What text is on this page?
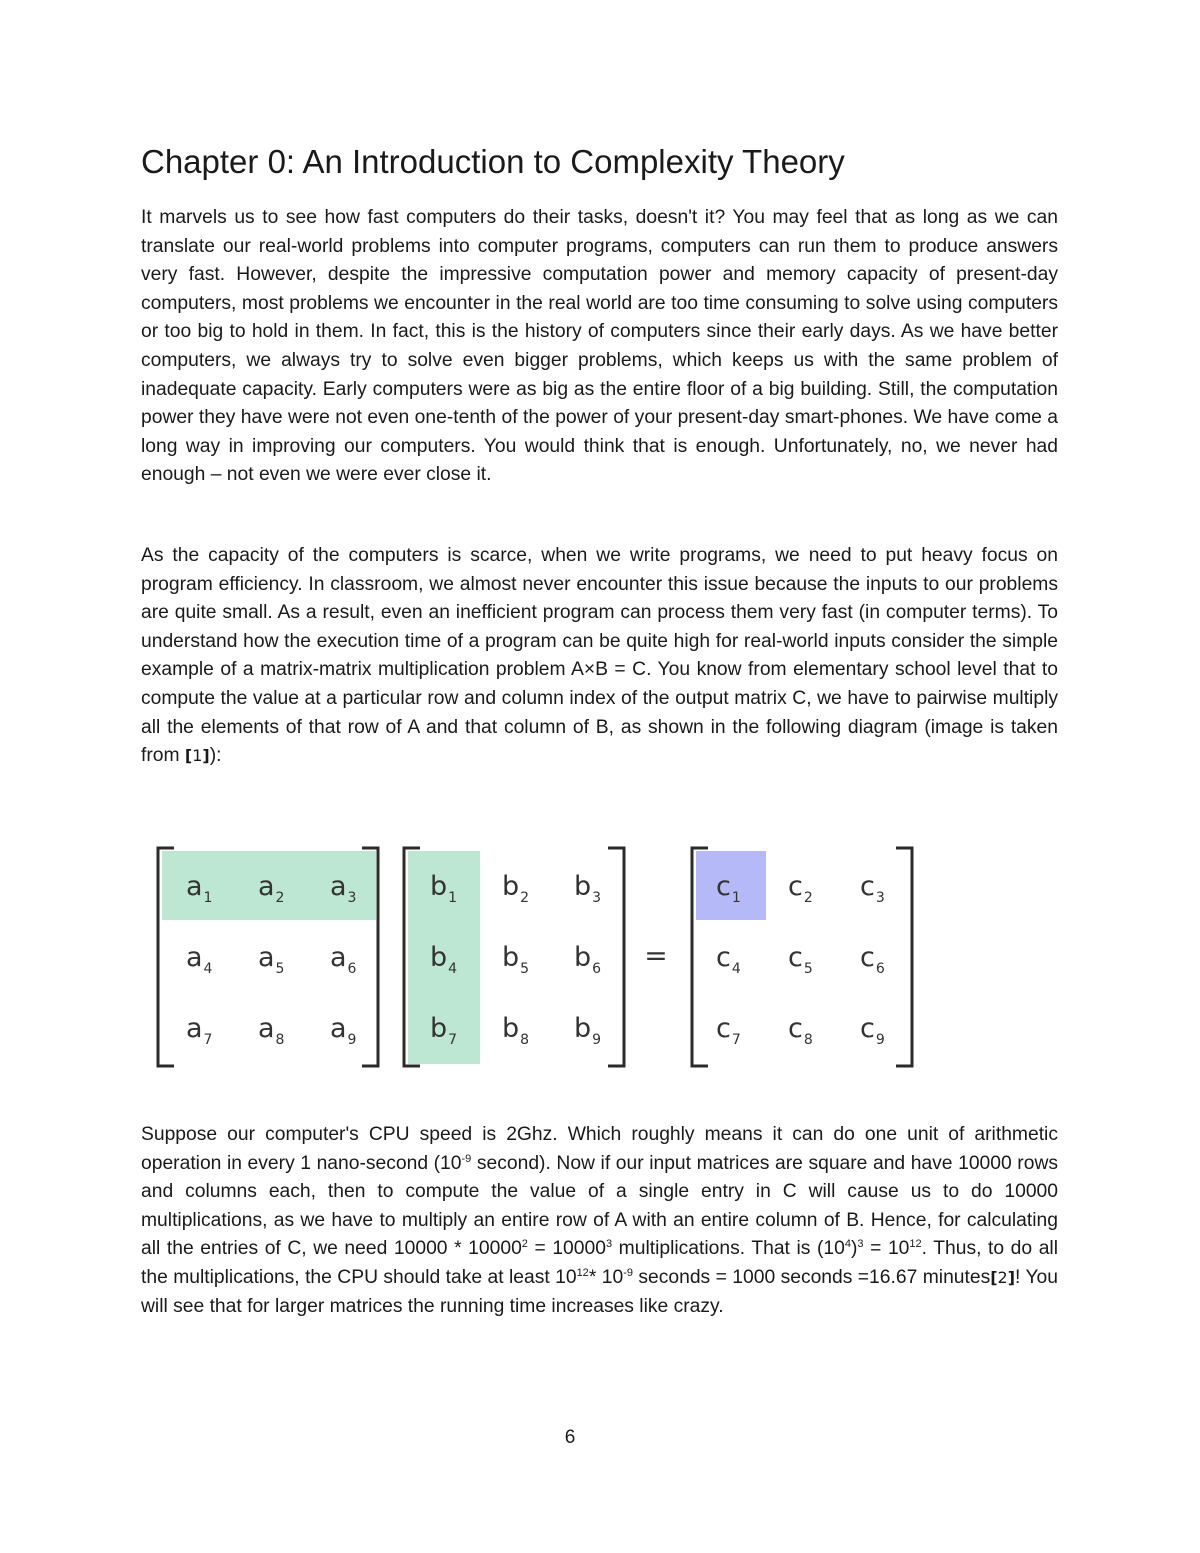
Chapter 0: An Introduction to Complexity Theory

It marvels us to see how fast computers do their tasks, doesn't it? You may feel that as long as we can translate our real-world problems into computer programs, computers can run them to produce answers very fast. However, despite the impressive computation power and memory capacity of present-day computers, most problems we encounter in the real world are too time consuming to solve using computers or too big to hold in them. In fact, this is the history of computers since their early days. As we have better computers, we always try to solve even bigger problems, which keeps us with the same problem of inadequate capacity. Early computers were as big as the entire floor of a big building. Still, the computation power they have were not even one-tenth of the power of your present-day smart-phones. We have come a long way in improving our computers. You would think that is enough. Unfortunately, no, we never had enough – not even we were ever close it.

As the capacity of the computers is scarce, when we write programs, we need to put heavy focus on program efficiency. In classroom, we almost never encounter this issue because the inputs to our problems are quite small. As a result, even an inefficient program can process them very fast (in computer terms). To understand how the execution time of a program can be quite high for real-world inputs consider the simple example of a matrix-matrix multiplication problem A×B = C. You know from elementary school level that to compute the value at a particular row and column index of the output matrix C, we have to pairwise multiply all the elements of that row of A and that column of B, as shown in the following diagram (image is taken from [1]):

$a_1$ $a_2$ $a_3$
$a_4$ $a_5$ $a_6$
$a_7$ $a_8$ $a_9$
$b_1$ $b_2$ $b_3$
$b_4$ $b_5$ $b_6$
$b_7$ $b_8$ $b_9$
$c_1$ $c_2$ $c_3$
$c_4$ $c_5$ $c_6$
$c_7$ $c_8$ $c_9$
=

Suppose our computer's CPU speed is 2Ghz. Which roughly means it can do one unit of arithmetic operation in every 1 nano-second ($10^{-9}$ second). Now if our input matrices are square and have 10000 rows and columns each, then to compute the value of a single entry in C will cause us to do 10000 multiplications, as we have to multiply an entire row of A with an entire column of B. Hence, for calculating all the entries of C, we need $10000 * 10000^2 = 10000^3$ multiplications. That is $(10^4)^3 = 10^{12}$. Thus, to do all the multiplications, the CPU should take at least $10^{12}*$ $10^{-9}$ seconds = 1000 seconds =16.67 minutes[2]! You will see that for larger matrices the running time increases like crazy.

6
